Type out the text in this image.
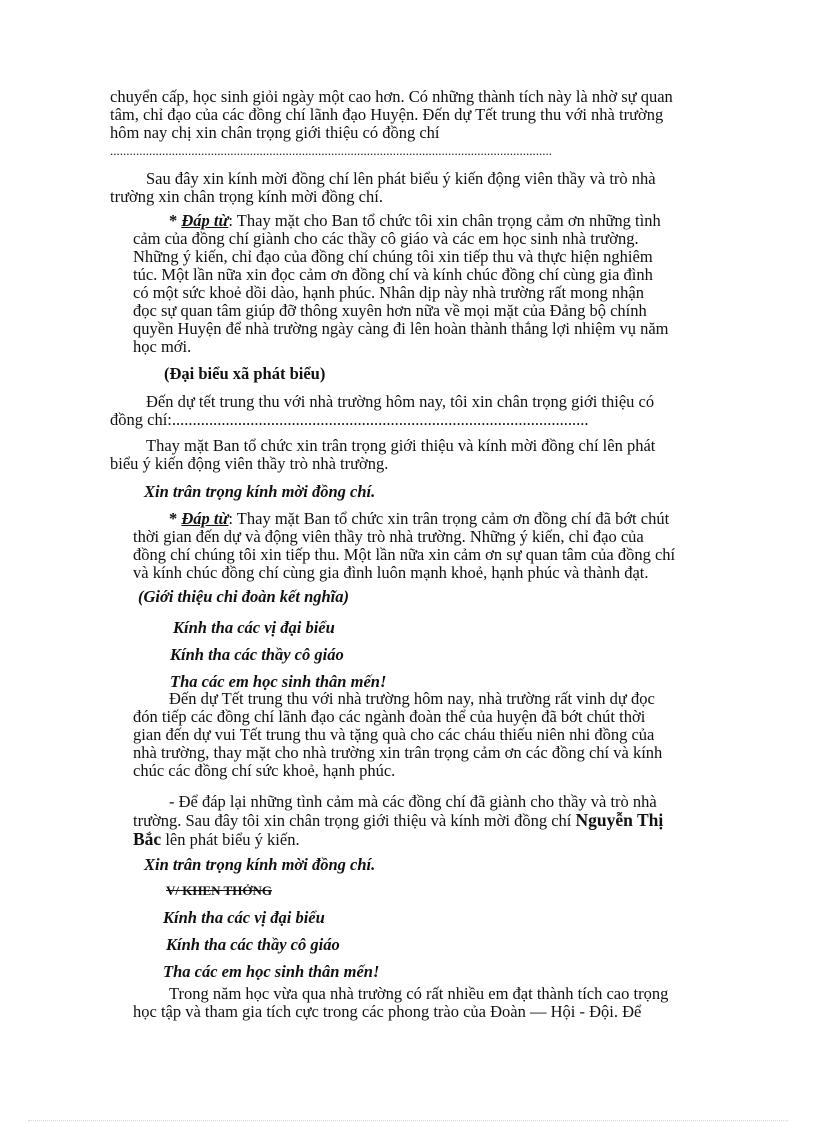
chuyển cấp, học sinh giỏi ngày một cao hơn. Có những thành tích này là nhờ sự quan
tâm, chỉ đạo của các đồng chí lãnh đạo Huyện. Đến dự Tết trung thu với nhà trường
hôm nay chị xin chân trọng giới thiệu có đồng chí
........................................................................................................................................
Sau đây xin kính mời đồng chí lên phát biểu ý kiến động viên thầy và trò nhà
trường xin chân trọng kính mời đồng chí.
* Đáp từ: Thay mặt cho Ban tổ chức tôi xin chân trọng cảm ơn những tình
cảm của đồng chí giành cho các thầy cô giáo và các em học sinh nhà trường.
Những ý kiến, chỉ đạo của đồng chí chúng tôi xin tiếp thu và thực hiện nghiêm
túc. Một lần nữa xin đọc cảm ơn đồng chí và kính chúc đồng chí cùng gia đình
có một sức khoẻ dồi dào, hạnh phúc. Nhân dịp này nhà trường rất mong nhận
đọc sự quan tâm giúp đỡ thông xuyên hơn nữa về mọi mặt của Đảng bộ chính
quyền Huyện để nhà trường ngày càng đi lên hoàn thành thắng lợi nhiệm vụ năm
học mới.
(Đại biểu xã phát biểu)
Đến dự tết trung thu với nhà trường hôm nay, tôi xin chân trọng giới thiệu có
đồng chí:.....................................................................................................
Thay mặt Ban tổ chức xin trân trọng giới thiệu và kính mời đồng chí lên phát
biểu ý kiến động viên thầy trò nhà trường.
Xin trân trọng kính mời đồng chí.
* Đáp từ: Thay mặt Ban tổ chức xin trân trọng cảm ơn đồng chí đã bớt chút
thời gian đến dự và động viên thầy trò nhà trường. Những ý kiến, chỉ đạo của
đồng chí chúng tôi xin tiếp thu. Một lần nữa xin cảm ơn sự quan tâm của đồng chí
và kính chúc đồng chí cùng gia đình luôn mạnh khoẻ, hạnh phúc và thành đạt.
(Giới thiệu chi đoàn kết nghĩa)
Kính tha các vị đại biểu
Kính tha các thầy cô giáo
Tha các em học sinh thân mến!
Đến dự Tết trung thu với nhà trường hôm nay, nhà trường rất vinh dự đọc
đón tiếp các đồng chí lãnh đạo các ngành đoàn thể của huyện đã bớt chút thời
gian đến dự vui Tết trung thu và tặng quà cho các cháu thiếu niên nhi đồng của
nhà trường, thay mặt cho nhà trường xin trân trọng cảm ơn các đồng chí và kính
chúc các đồng chí sức khoẻ, hạnh phúc.
- Để đáp lại những tình cảm mà các đồng chí đã giành cho thầy và trò nhà
trường. Sau đây tôi xin chân trọng giới thiệu và kính mời đồng chí Nguyễn Thị
Bắc lên phát biểu ý kiến.
Xin trân trọng kính mời đồng chí.
V/ KHEN THỞNG
Kính tha các vị đại biểu
Kính tha các thầy cô giáo
Tha các em học sinh thân mến!
Trong năm học vừa qua nhà trường có rất nhiều em đạt thành tích cao trọng
học tập và tham gia tích cực trong các phong trào của Đoàn — Hội - Đội. Để
